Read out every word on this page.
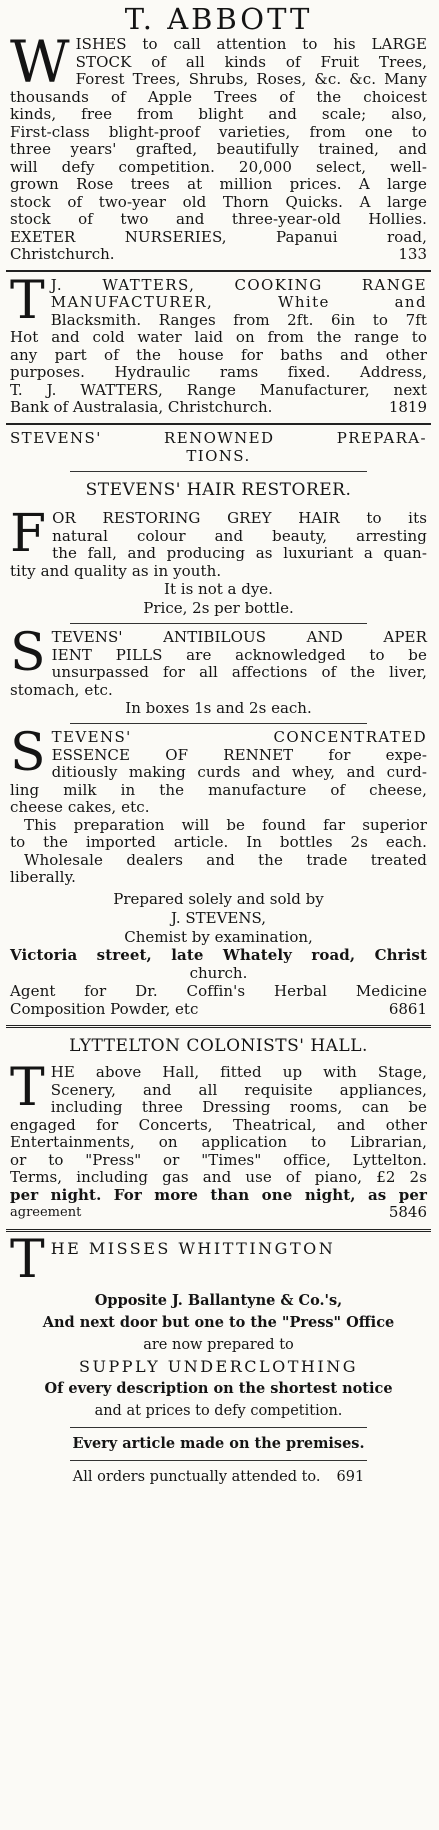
T. ABBOTT
W ISHES to call attention to his LARGE

STOCK of all kinds of Fruit Trees,

Forest Trees, Shrubs, Roses, &c. &c. Many

thousands of Apple Trees of the choicest

kinds, free from blight and scale; also,

First-class blight-proof varieties, from one to

three years' grafted, beautifully trained, and

will defy competition. 20,000 select, well-

grown Rose trees at million prices. A large

stock of two-year old Thorn Quicks. A large

stock of two and three-year-old Hollies.

EXETER NURSERIES, Papanui road,

Christchurch.	133
T J. WATTERS, COOKING RANGE

MANUFACTURER, White and

Blacksmith. Ranges from 2ft. 6in to 7ft

Hot and cold water laid on from the range to

any part of the house for baths and other

purposes. Hydraulic rams fixed. Address,

T. J. WATTERS, Range Manufacturer, next

Bank of Australasia, Christchurch.	1819

STEVENS' RENOWNED PREPARA-

TIONS.

STEVENS' HAIR RESTORER.
F OR RESTORING GREY HAIR to its

natural colour and beauty, arresting

the fall, and producing as luxuriant a quan-

tity and quality as in youth.

It is not a dye.

Price, 2s per bottle.

S TEVENS' ANTIBILOUS AND APER

IENT PILLS are acknowledged to be

unsurpassed for all affections of the liver,

stomach, etc.

In boxes 1s and 2s each.

S TEVENS' CONCENTRATED

ESSENCE OF RENNET for expe-

ditiously making curds and whey, and curd-

ling milk in the manufacture of cheese,

cheese cakes, etc.

This preparation will be found far superior

to the imported article. In bottles 2s each.

Wholesale dealers and the trade treated

liberally.

Prepared solely and sold by

J. STEVENS,

Chemist by examination,

Victoria street, late Whately road, Christ

church.

Agent for Dr. Coffin's Herbal Medicine

Composition Powder, etc	6861
LYTTELTON COLONISTS' HALL.
T HE above Hall, fitted up with Stage,

Scenery, and all requisite appliances,

including three Dressing rooms, can be

engaged for Concerts, Theatrical, and other

Entertainments, on application to Librarian,

or to "Press" or "Times" office, Lyttelton.

Terms, including gas and use of piano, £2 2s

per night. For more than one night, as per

agreement	5846
T HE MISSES WHITTINGTON

Opposite J. Ballantyne & Co.'s,

And next door but one to the "Press" Office

are now prepared to

SUPPLY UNDERCLOTHING

Of every description on the shortest notice

and at prices to defy competition.

Every article made on the premises.

All orders punctually attended to. 691
